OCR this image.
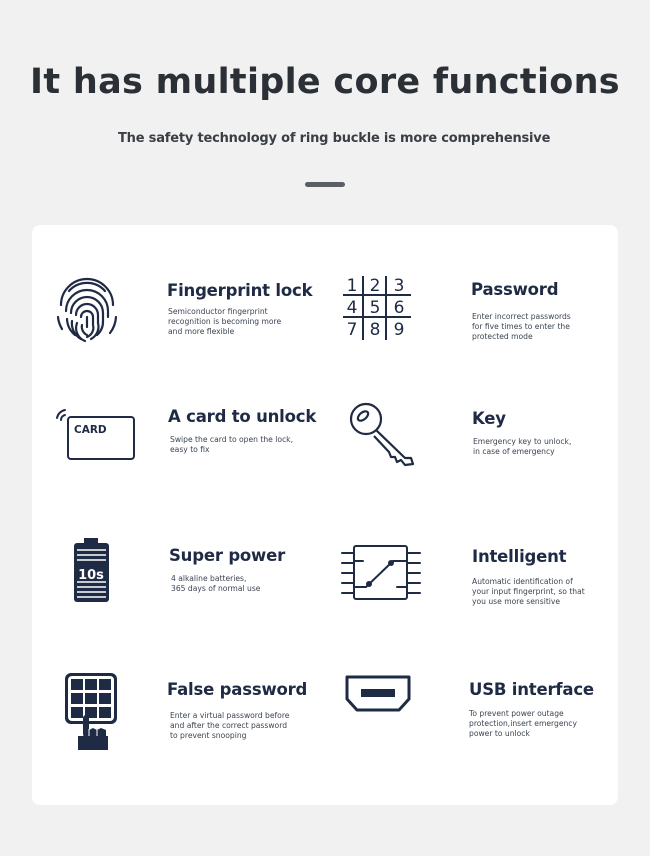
It has multiple core functions
The safety technology of ring buckle is more comprehensive
Fingerprint lock
Semiconductor fingerprint
recognition is becoming more
and more flexible
1 2 3
4 5 6
7 8 9
Password
Enter incorrect passwords
for five times to enter the
protected mode
CARD
A card to unlock
Swipe the card to open the lock,
easy to fix
Key
Emergency key to unlock,
in case of emergency
10s
Super power
4 alkaline batteries,
365 days of normal use
Intelligent
Automatic identification of
your input fingerprint, so that
you use more sensitive
False password
Enter a virtual password before
and after the correct password
to prevent snooping
USB interface
To prevent power outage
protection,insert emergency
power to unlock
